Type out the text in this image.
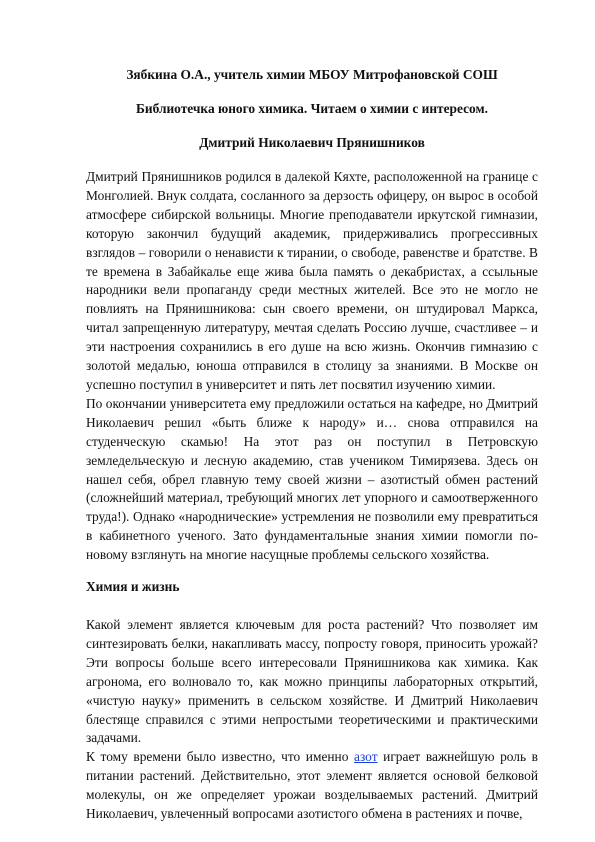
Зябкина О.А., учитель химии МБОУ Митрофановской СОШ
Библиотечка юного химика. Читаем о химии с интересом.
Дмитрий Николаевич Прянишников

Дмитрий Прянишников родился в далекой Кяхте, расположенной на границе с Монголией. Внук солдата, сосланного за дерзость офицеру, он вырос в особой атмосфере сибирской вольницы. Многие преподаватели иркутской гимназии, которую закончил будущий академик, придерживались прогрессивных взглядов – говорили о ненависти к тирании, о свободе, равенстве и братстве. В те времена в Забайкалье еще жива была память о декабристах, а ссыльные народники вели пропаганду среди местных жителей. Все это не могло не повлиять на Прянишникова: сын своего времени, он штудировал Маркса, читал запрещенную литературу, мечтая сделать Россию лучше, счастливее – и эти настроения сохранились в его душе на всю жизнь. Окончив гимназию с золотой медалью, юноша отправился в столицу за знаниями. В Москве он успешно поступил в университет и пять лет посвятил изучению химии.

По окончании университета ему предложили остаться на кафедре, но Дмитрий Николаевич решил «быть ближе к народу» и… снова отправился на студенческую скамью! На этот раз он поступил в Петровскую земледельческую и лесную академию, став учеником Тимирязева. Здесь он нашел себя, обрел главную тему своей жизни – азотистый обмен растений (сложнейший материал, требующий многих лет упорного и самоотверженного труда!). Однако «народнические» устремления не позволили ему превратиться в кабинетного ученого. Зато фундаментальные знания химии помогли по-новому взглянуть на многие насущные проблемы сельского хозяйства.

Химия и жизнь

Какой элемент является ключевым для роста растений? Что позволяет им синтезировать белки, накапливать массу, попросту говоря, приносить урожай? Эти вопросы больше всего интересовали Прянишникова как химика. Как агронома, его волновало то, как можно принципы лабораторных открытий, «чистую науку» применить в сельском хозяйстве. И Дмитрий Николаевич блестяще справился с этими непростыми теоретическими и практическими задачами.

К тому времени было известно, что именно азот играет важнейшую роль в питании растений. Действительно, этот элемент является основой белковой молекулы, он же определяет урожаи возделываемых растений. Дмитрий Николаевич, увлеченный вопросами азотистого обмена в растениях и почве,
